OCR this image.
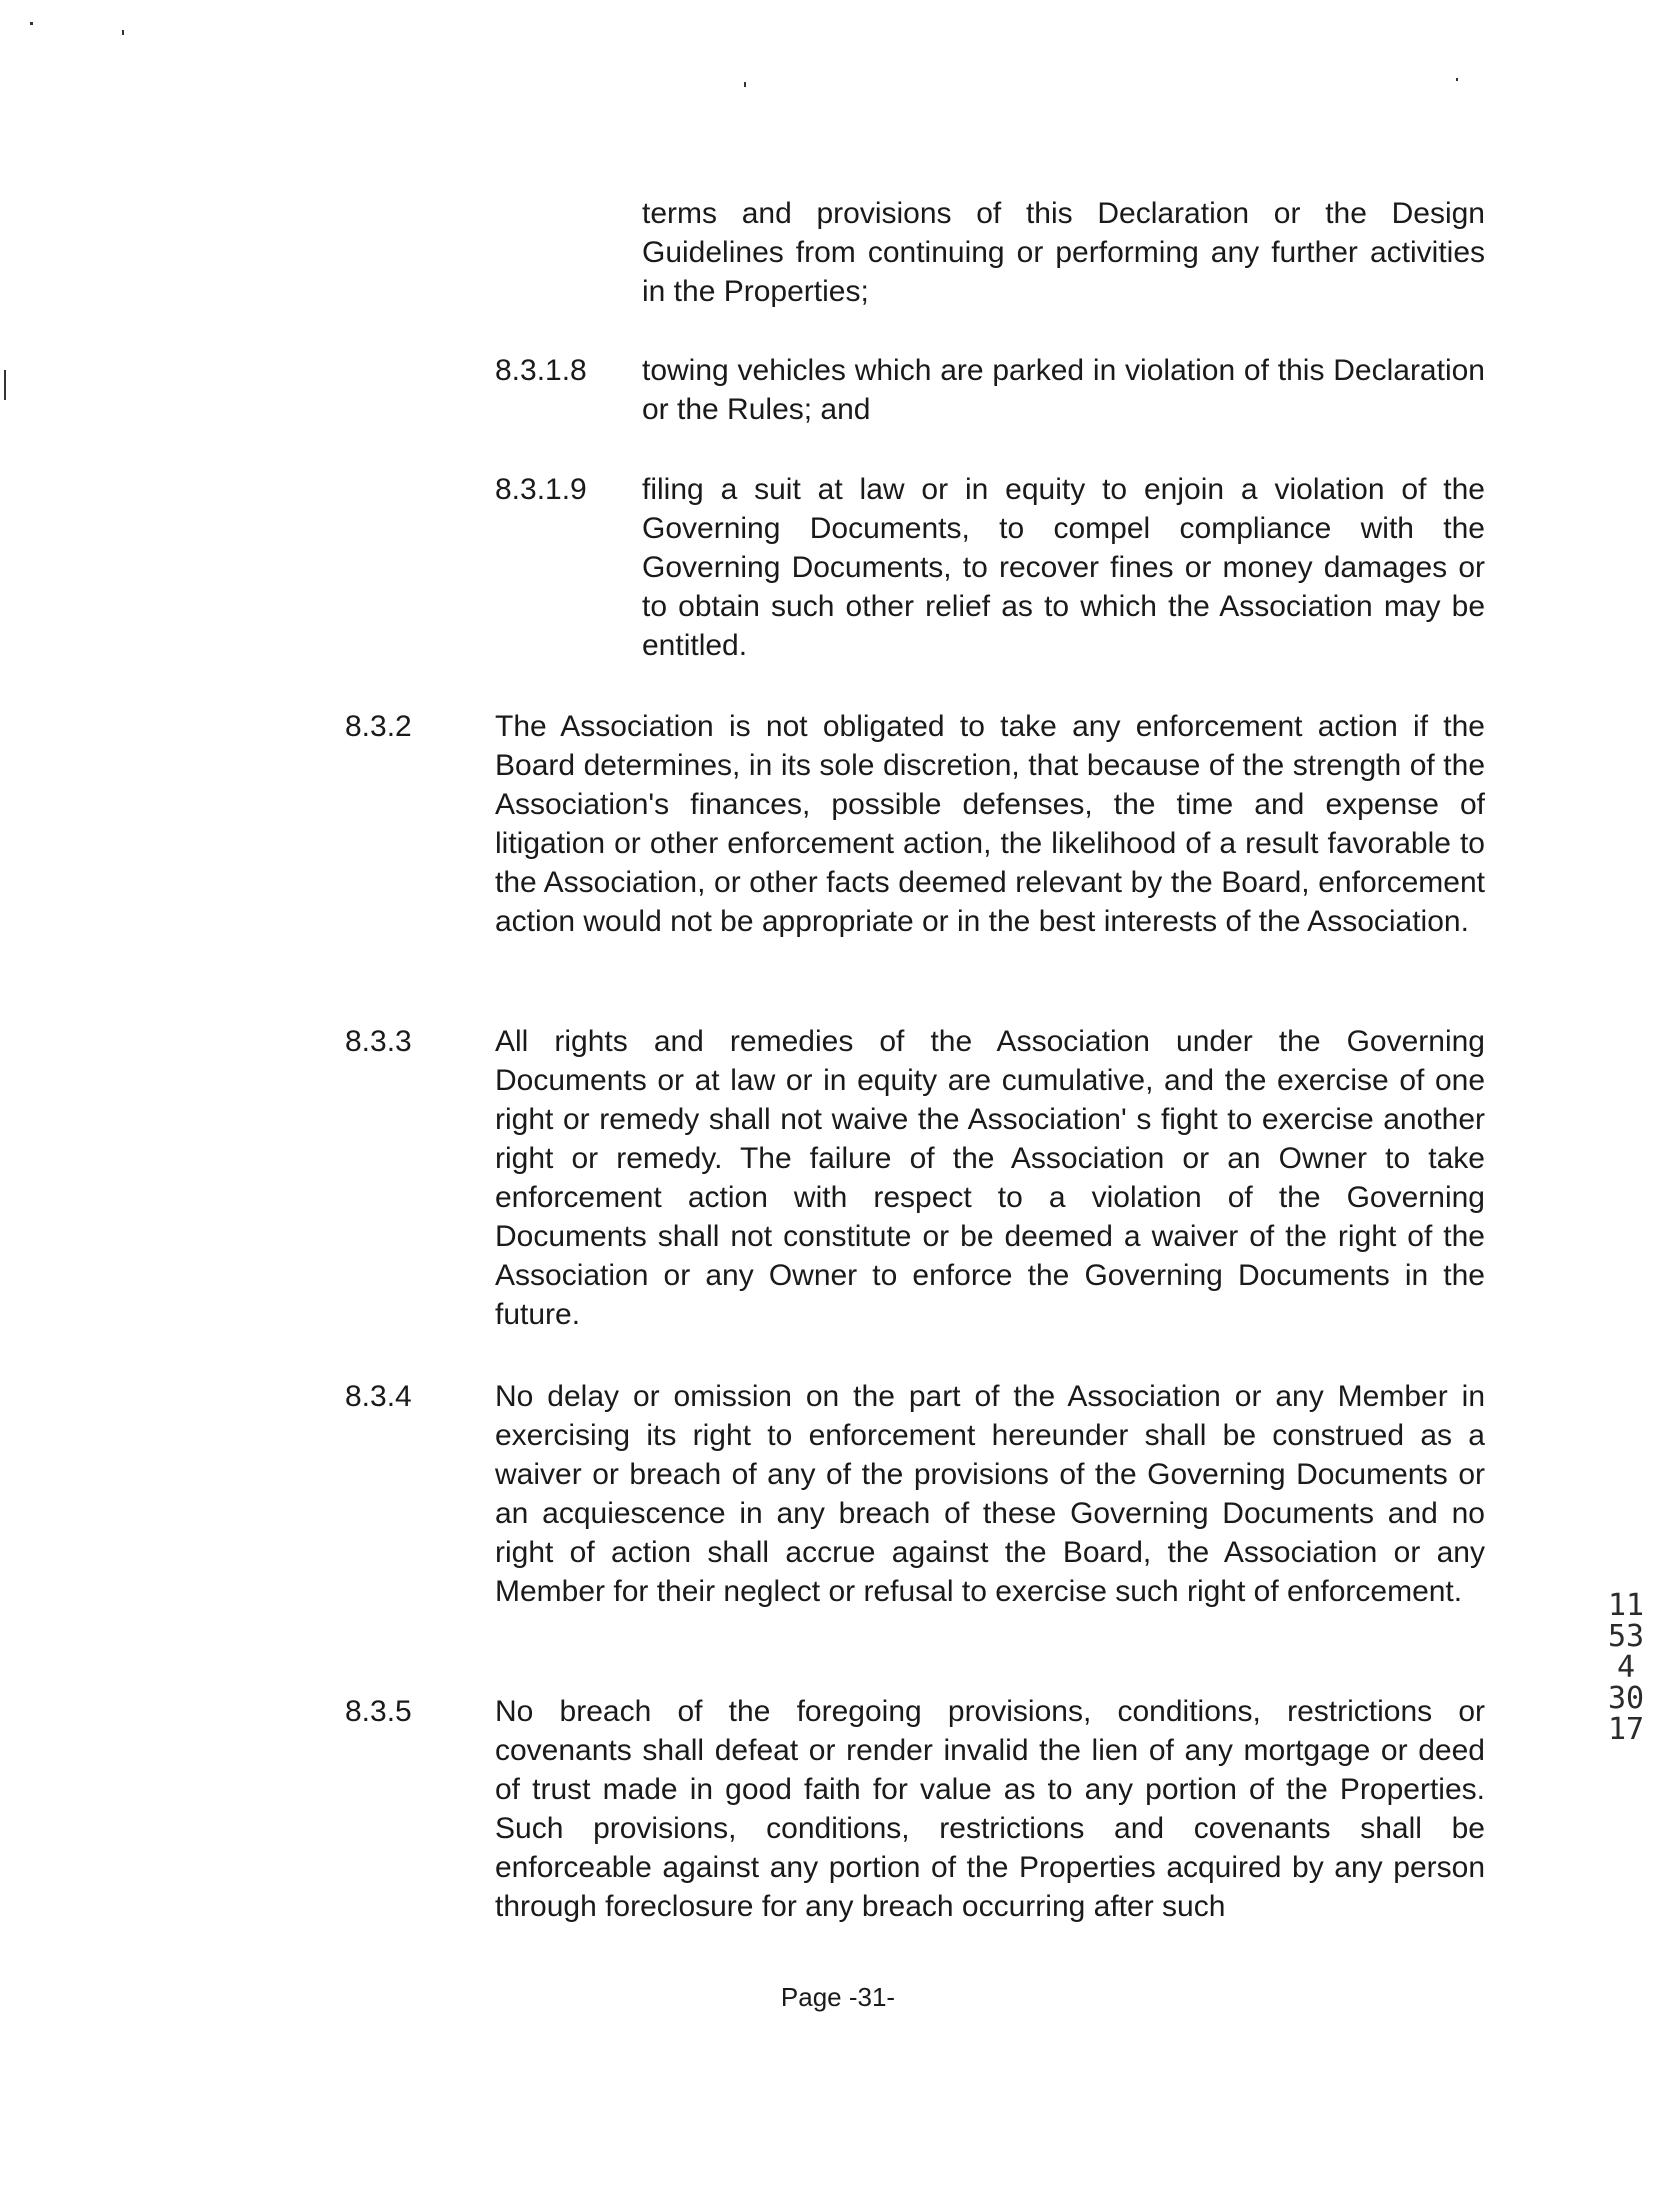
terms and provisions of this Declaration or the Design Guidelines from continuing or performing any further activities in the Properties;
8.3.1.8 towing vehicles which are parked in violation of this Declaration or the Rules; and
8.3.1.9 filing a suit at law or in equity to enjoin a violation of the Governing Documents, to compel compliance with the Governing Documents, to recover fines or money damages or to obtain such other relief as to which the Association may be entitled.
8.3.2	The Association is not obligated to take any enforcement action if the Board determines, in its sole discretion, that because of the strength of the Association's finances, possible defenses, the time and expense of litigation or other enforcement action, the likelihood of a result favorable to the Association, or other facts deemed relevant by the Board, enforcement action would not be appropriate or in the best interests of the Association.
8.3.3	All rights and remedies of the Association under the Governing Documents or at law or in equity are cumulative, and the exercise of one right or remedy shall not waive the Association' s fight to exercise another right or remedy. The failure of the Association or an Owner to take enforcement action with respect to a violation of the Governing Documents shall not constitute or be deemed a waiver of the right of the Association or any Owner to enforce the Governing Documents in the future.
8.3.4	No delay or omission on the part of the Association or any Member in exercising its right to enforcement hereunder shall be construed as a waiver or breach of any of the provisions of the Governing Documents or an acquiescence in any breach of these Governing Documents and no right of action shall accrue against the Board, the Association or any Member for their neglect or refusal to exercise such right of enforcement.
8.3.5	No breach of the foregoing provisions, conditions, restrictions or covenants shall defeat or render invalid the lien of any mortgage or deed of trust made in good faith for value as to any portion of the Properties. Such provisions, conditions, restrictions and covenants shall be enforceable against any portion of the Properties acquired by any person through foreclosure for any breach occurring after such
Page -31-
11534 3017
